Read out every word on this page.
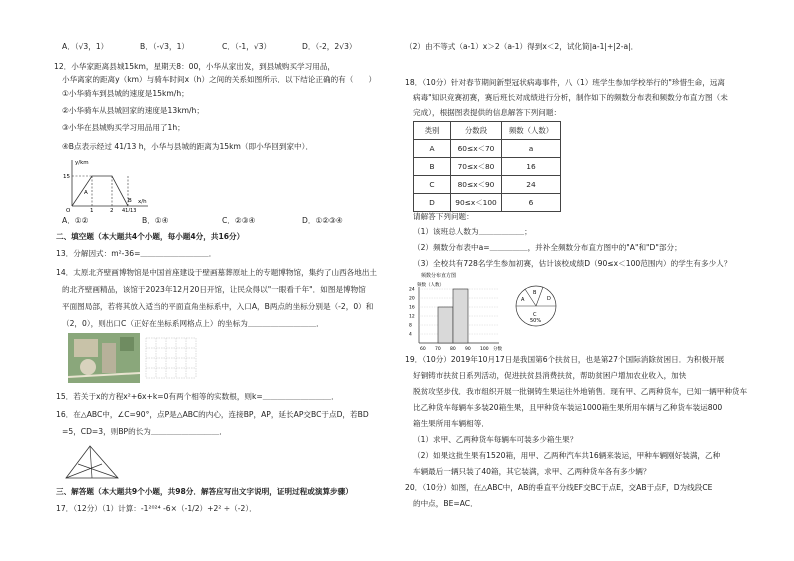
A．（√3，1）	B．（-√3，1）	C．（-1，√3）	D．（-2，2√3）
12．小华家距离县城15km，星期天8：00，小华从家出发，到县城购买学习用品，
小华离家的距离y（km）与骑车时间x（h）之间的关系如图所示．以下结论正确的有（　　）
①小华骑车到县城的速度是15km/h；
②小华骑车从县城回家的速度是13km/h；
③小华在县城购买学习用品用了1h；
④B点表示经过 41/13 h，小华与县城的距离为15km（即小华回到家中）．
y/km
x/h
15
O	1	2 41/13
A
B
A．①②	B．①④	C．②③④	D．①②③④
二、填空题（本大题共4个小题，每小题4分，共16分）
13．分解因式：m²-36=＿＿＿＿＿＿＿＿＿．
14．太原北齐壁画博物馆是中国首座建设于壁画墓葬原址上的专题博物馆，集约了山西各地出土
的北齐壁画精品，该馆于2023年12月20日开馆，让民众得以"一眼看千年"．如图是博物馆
平面图局部，若将其放入适当的平面直角坐标系中，入口A，B两点的坐标分别是（-2，0）和
（2，0），则出口C（正好在坐标系网格点上）的坐标为＿＿＿＿＿＿＿＿＿．
15．若关于x的方程x²+6x+k=0有两个相等的实数根，则k=＿＿＿＿＿＿＿＿＿．
16．在△ABC中，∠C=90°，点P是△ABC的内心，连接BP，AP，延长AP交BC于点D，若BD
=5，CD=3，则BP的长为＿＿＿＿＿＿＿＿＿．
三、解答题（本大题共9个小题，共98分．解答应写出文字说明，证明过程或演算步骤）
17．（12分）（1）计算：-1²⁰²⁴ -6×（-1/2）+2² ÷（-2）．
（2）由不等式（a-1）x＞2（a-1）得到x＜2，试化简|a-1|+|2-a|．
18．（10分）针对春节期间新型冠状病毒事件，八（1）班学生参加学校举行的"珍惜生命，远离
病毒"知识竞赛初赛，赛后班长对成绩进行分析，制作如下的频数分布表和频数分布直方图（未
完成），根据图表提供的信息解答下列问题：
类别	分数段	频数（人数）
A	60≤x＜70	a
B	70≤x＜80	16
C	80≤x＜90	24
D	90≤x＜100	6
请解答下列问题：
（1）该班总人数为＿＿＿＿＿＿；
（2）频数分布表中a=＿＿＿＿＿，并补全频数分布直方图中的"A"和"D"部分；
（3）全校共有728名学生参加初赛，估计该校成绩D（90≤x＜100范围内）的学生有多少人？
频数分布直方图
频数（人数）
24
20
16
12
8
4
60 70 80 90 100 分数
A
B
C
D
50%
19．（10分）2019年10月17日是我国第6个扶贫日，也是第27个国际消除贫困日．为积极开展
好铜铸市扶贫日系列活动，促进扶贫县消费扶贫，帮助贫困户增加农业收入，加快
脱贫攻坚步伐．我市组织开展一批铜铸生果运往外地销售．现有甲、乙两种货车，已知一辆甲种货车
比乙种货车每辆车多装20箱生果，且甲种货车装运1000箱生果所用车辆与乙种货车装运800
箱生果所用车辆相等．
（1）求甲、乙两种货车每辆车可装多少箱生果？
（2）如果这批生果有1520箱，用甲、乙两种汽车共16辆来装运，甲种车辆刚好装满，乙种
车辆最后一辆只装了40箱，其它装满，求甲、乙两种货车各有多少辆？
20．（10分）如图，在△ABC中，AB的垂直平分线EF交BC于点E，交AB于点F，D为线段CE
的中点，BE=AC．
